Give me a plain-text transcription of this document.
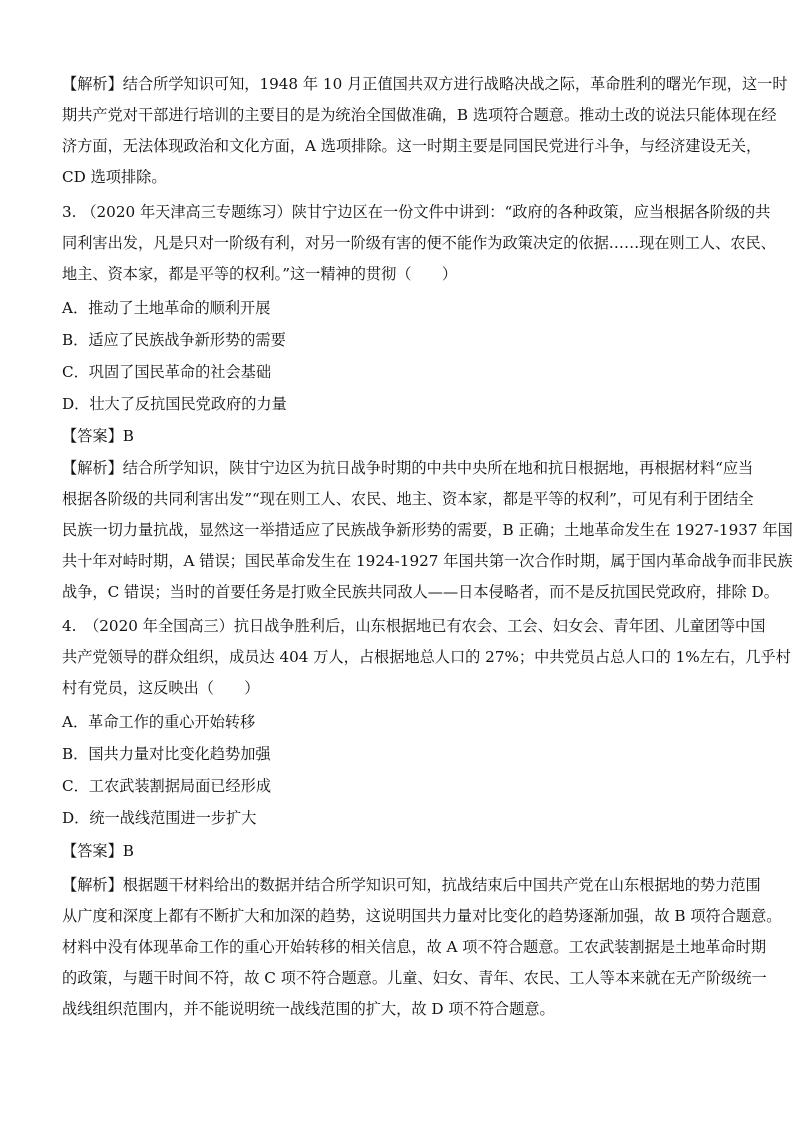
【解析】结合所学知识可知，1948 年 10 月正值国共双方进行战略决战之际，革命胜利的曙光乍现，这一时
期共产党对干部进行培训的主要目的是为统治全国做准确，B 选项符合题意。推动土改的说法只能体现在经
济方面，无法体现政治和文化方面，A 选项排除。这一时期主要是同国民党进行斗争，与经济建设无关，
CD 选项排除。
3. （2020 年天津高三专题练习）陕甘宁边区在一份文件中讲到：“政府的各种政策，应当根据各阶级的共
同利害出发，凡是只对一阶级有利，对另一阶级有害的便不能作为政策决定的依据……现在则工人、农民、
地主、资本家，都是平等的权利。”这一精神的贯彻（　　）
A．推动了土地革命的顺利开展
B．适应了民族战争新形势的需要
C．巩固了国民革命的社会基础
D．壮大了反抗国民党政府的力量
【答案】B
【解析】结合所学知识，陕甘宁边区为抗日战争时期的中共中央所在地和抗日根据地，再根据材料“应当
根据各阶级的共同利害出发”“现在则工人、农民、地主、资本家，都是平等的权利”，可见有利于团结全
民族一切力量抗战，显然这一举措适应了民族战争新形势的需要，B 正确；土地革命发生在 1927-1937 年国
共十年对峙时期，A 错误；国民革命发生在 1924-1927 年国共第一次合作时期，属于国内革命战争而非民族
战争，C 错误；当时的首要任务是打败全民族共同敌人——日本侵略者，而不是反抗国民党政府，排除 D。
4.　（2020 年全国高三）抗日战争胜利后，山东根据地已有农会、工会、妇女会、青年团、儿童团等中国
共产党领导的群众组织，成员达 404 万人，占根据地总人口的 27%；中共党员占总人口的 1%左右，几乎村
村有党员，这反映出（　　）
A．革命工作的重心开始转移
B．国共力量对比变化趋势加强
C．工农武装割据局面已经形成
D．统一战线范围进一步扩大
【答案】B
【解析】根据题干材料给出的数据并结合所学知识可知，抗战结束后中国共产党在山东根据地的势力范围
从广度和深度上都有不断扩大和加深的趋势，这说明国共力量对比变化的趋势逐渐加强，故 B 项符合题意。
材料中没有体现革命工作的重心开始转移的相关信息，故 A 项不符合题意。工农武装割据是土地革命时期
的政策，与题干时间不符，故 C 项不符合题意。儿童、妇女、青年、农民、工人等本来就在无产阶级统一
战线组织范围内，并不能说明统一战线范围的扩大，故 D 项不符合题意。
